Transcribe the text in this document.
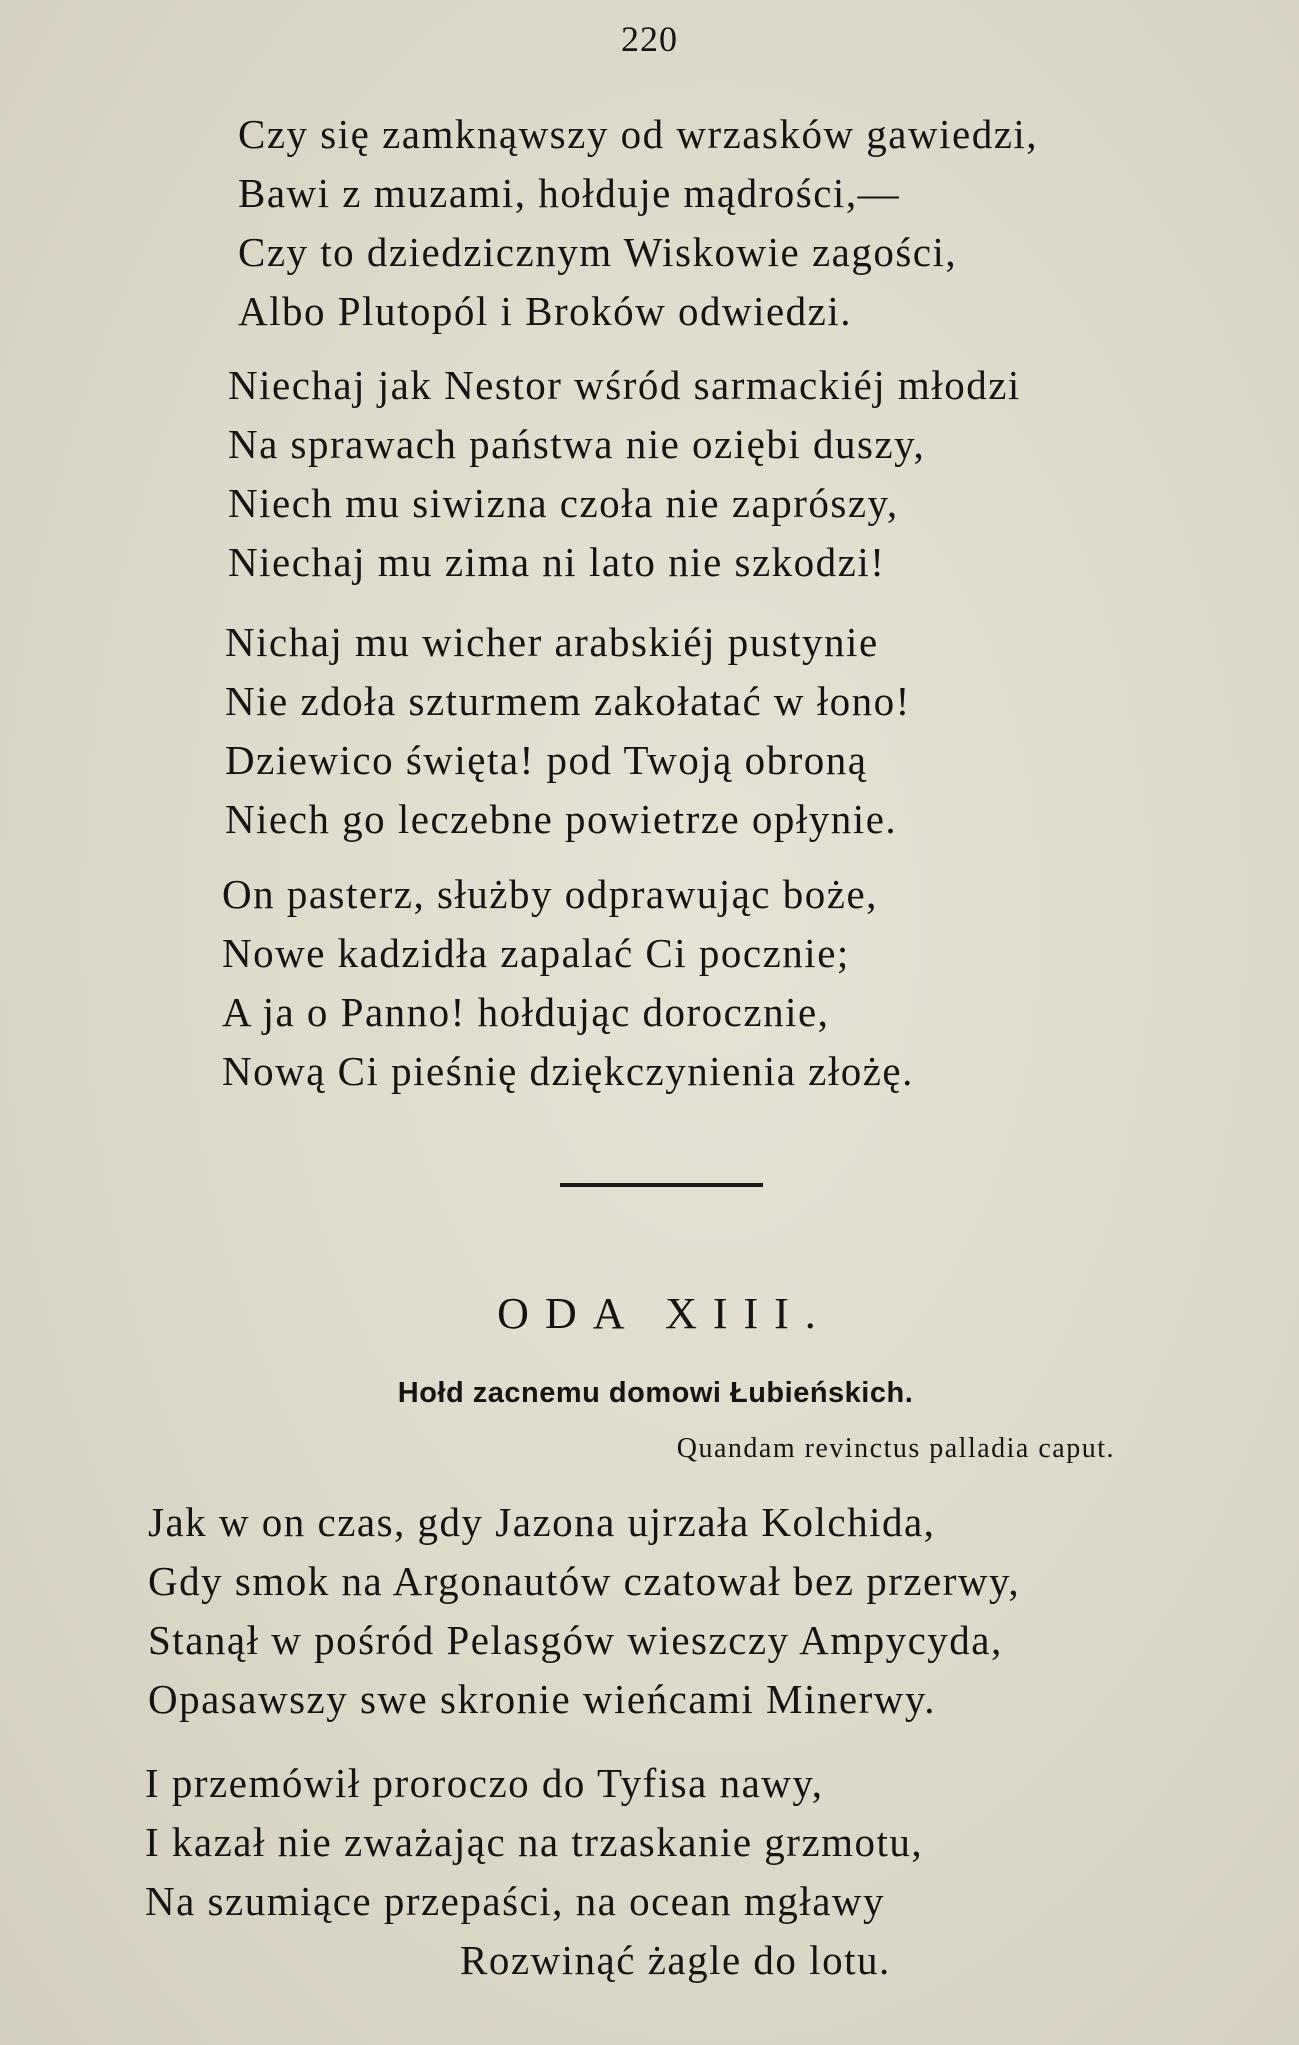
220
Czy się zamknąwszy od wrzasków gawiedzi,
Bawi z muzami, hołduje mądrości,—
Czy to dziedzicznym Wiskowie zagości,
Albo Plutopól i Broków odwiedzi.
Niechaj jak Nestor wśród sarmackiéj młodzi
Na sprawach państwa nie oziębi duszy,
Niech mu siwizna czoła nie zaprószy,
Niechaj mu zima ni lato nie szkodzi!
Nichaj mu wicher arabskiéj pustynie
Nie zdoła szturmem zakołatać w łono!
Dziewico święta! pod Twoją obroną
Niech go leczebne powietrze opłynie.
On pasterz, służby odprawując boże,
Nowe kadzidła zapalać Ci pocznie;
A ja o Panno! hołdując dorocznie,
Nową Ci pieśnię dziękczynienia złożę.
ODA XIII.
Hołd zacnemu domowi Łubieńskich.
Quandam revinctus palladia caput.
Jak w on czas, gdy Jazona ujrzała Kolchida,
Gdy smok na Argonautów czatował bez przerwy,
Stanął w pośród Pelasgów wieszczy Ampycyda,
Opasawszy swe skronie wieńcami Minerwy.
I przemówił proroczo do Tyfisa nawy,
I kazał nie zważając na trzaskanie grzmotu,
Na szumiące przepaści, na ocean mgławy
Rozwinąć żagle do lotu.
